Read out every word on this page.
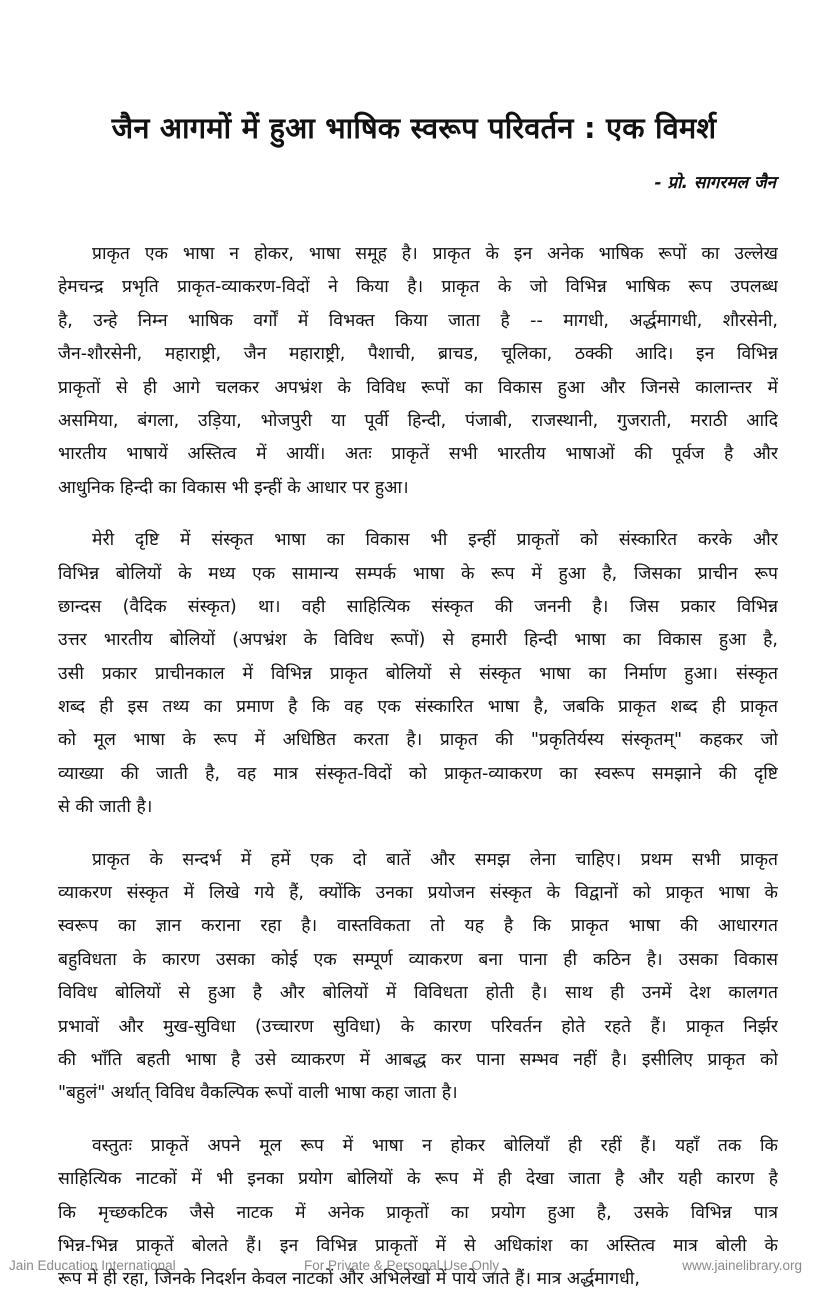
जैन आगमों में हुआ भाषिक स्वरूप परिवर्तन : एक विमर्श
- प्रो. सागरमल जैन
प्राकृत एक भाषा न होकर, भाषा समूह है। प्राकृत के इन अनेक भाषिक रूपों का उल्लेख
हेमचन्द्र प्रभृति प्राकृत-व्याकरण-विदों ने किया है। प्राकृत के जो विभिन्न भाषिक रूप उपलब्ध
है, उन्हे निम्न भाषिक वर्गों में विभक्त किया जाता है -- मागधी, अर्द्धमागधी, शौरसेनी,
जैन-शौरसेनी, महाराष्ट्री, जैन महाराष्ट्री, पैशाची, ब्राचड, चूलिका, ठक्की आदि। इन विभिन्न
प्राकृतों से ही आगे चलकर अपभ्रंश के विविध रूपों का विकास हुआ और जिनसे कालान्तर में
असमिया, बंगला, उड़िया, भोजपुरी या पूर्वी हिन्दी, पंजाबी, राजस्थानी, गुजराती, मराठी आदि
भारतीय भाषायें अस्तित्व में आयीं। अतः प्राकृतें सभी भारतीय भाषाओं की पूर्वज है और
आधुनिक हिन्दी का विकास भी इन्हीं के आधार पर हुआ।
मेरी दृष्टि में संस्कृत भाषा का विकास भी इन्हीं प्राकृतों को संस्कारित करके और
विभिन्न बोलियों के मध्य एक सामान्य सम्पर्क भाषा के रूप में हुआ है, जिसका प्राचीन रूप
छान्दस (वैदिक संस्कृत) था। वही साहित्यिक संस्कृत की जननी है। जिस प्रकार विभिन्न
उत्तर भारतीय बोलियों (अपभ्रंश के विविध रूपों) से हमारी हिन्दी भाषा का विकास हुआ है,
उसी प्रकार प्राचीनकाल में विभिन्न प्राकृत बोलियों से संस्कृत भाषा का निर्माण हुआ। संस्कृत
शब्द ही इस तथ्य का प्रमाण है कि वह एक संस्कारित भाषा है, जबकि प्राकृत शब्द ही प्राकृत
को मूल भाषा के रूप में अधिष्ठित करता है। प्राकृत की "प्रकृतिर्यस्य संस्कृतम्" कहकर जो
व्याख्या की जाती है, वह मात्र संस्कृत-विदों को प्राकृत-व्याकरण का स्वरूप समझाने की दृष्टि
से की जाती है।
प्राकृत के सन्दर्भ में हमें एक दो बातें और समझ लेना चाहिए। प्रथम सभी प्राकृत
व्याकरण संस्कृत में लिखे गये हैं, क्योंकि उनका प्रयोजन संस्कृत के विद्वानों को प्राकृत भाषा के
स्वरूप का ज्ञान कराना रहा है। वास्तविकता तो यह है कि प्राकृत भाषा की आधारगत
बहुविधता के कारण उसका कोई एक सम्पूर्ण व्याकरण बना पाना ही कठिन है। उसका विकास
विविध बोलियों से हुआ है और बोलियों में विविधता होती है। साथ ही उनमें देश कालगत
प्रभावों और मुख-सुविधा (उच्चारण सुविधा) के कारण परिवर्तन होते रहते हैं। प्राकृत निर्झर
की भाँति बहती भाषा है उसे व्याकरण में आबद्ध कर पाना सम्भव नहीं है। इसीलिए प्राकृत को
"बहुलं" अर्थात् विविध वैकल्पिक रूपों वाली भाषा कहा जाता है।
वस्तुतः प्राकृतें अपने मूल रूप में भाषा न होकर बोलियाँ ही रहीं हैं। यहाँ तक कि
साहित्यिक नाटकों में भी इनका प्रयोग बोलियों के रूप में ही देखा जाता है और यही कारण है
कि मृच्छकटिक जैसे नाटक में अनेक प्राकृतों का प्रयोग हुआ है, उसके विभिन्न पात्र
भिन्न-भिन्न प्राकृतें बोलते हैं। इन विभिन्न प्राकृतों में से अधिकांश का अस्तित्व मात्र बोली के
रूप में ही रहा, जिनके निदर्शन केवल नाटकों और अभिलेखों में पाये जाते हैं। मात्र अर्द्धमागधी,
Jain Education International	For Private & Personal Use Only	www.jainelibrary.org
